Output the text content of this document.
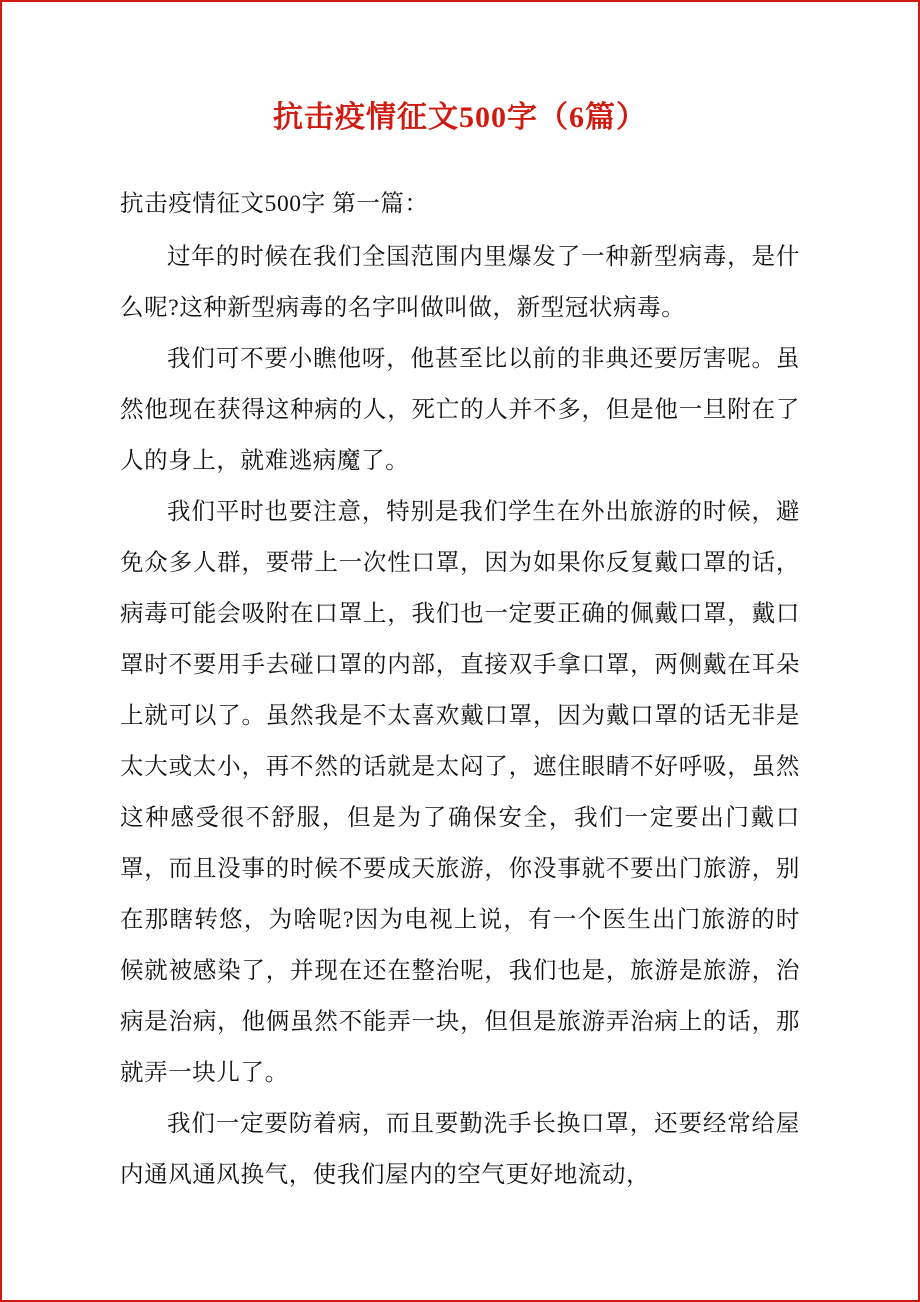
抗击疫情征文500字（6篇）

抗击疫情征文500字 第一篇：

过年的时候在我们全国范围内里爆发了一种新型病毒，是什么呢?这种新型病毒的名字叫做叫做，新型冠状病毒。

我们可不要小瞧他呀，他甚至比以前的非典还要厉害呢。虽然他现在获得这种病的人，死亡的人并不多，但是他一旦附在了人的身上，就难逃病魔了。

我们平时也要注意，特别是我们学生在外出旅游的时候，避免众多人群，要带上一次性口罩，因为如果你反复戴口罩的话，病毒可能会吸附在口罩上，我们也一定要正确的佩戴口罩，戴口罩时不要用手去碰口罩的内部，直接双手拿口罩，两侧戴在耳朵上就可以了。虽然我是不太喜欢戴口罩，因为戴口罩的话无非是太大或太小，再不然的话就是太闷了，遮住眼睛不好呼吸，虽然这种感受很不舒服，但是为了确保安全，我们一定要出门戴口罩，而且没事的时候不要成天旅游，你没事就不要出门旅游，别在那瞎转悠，为啥呢?因为电视上说，有一个医生出门旅游的时候就被感染了，并现在还在整治呢，我们也是，旅游是旅游，治病是治病，他俩虽然不能弄一块，但但是旅游弄治病上的话，那就弄一块儿了。

我们一定要防着病，而且要勤洗手长换口罩，还要经常给屋内通风通风换气，使我们屋内的空气更好地流动，
